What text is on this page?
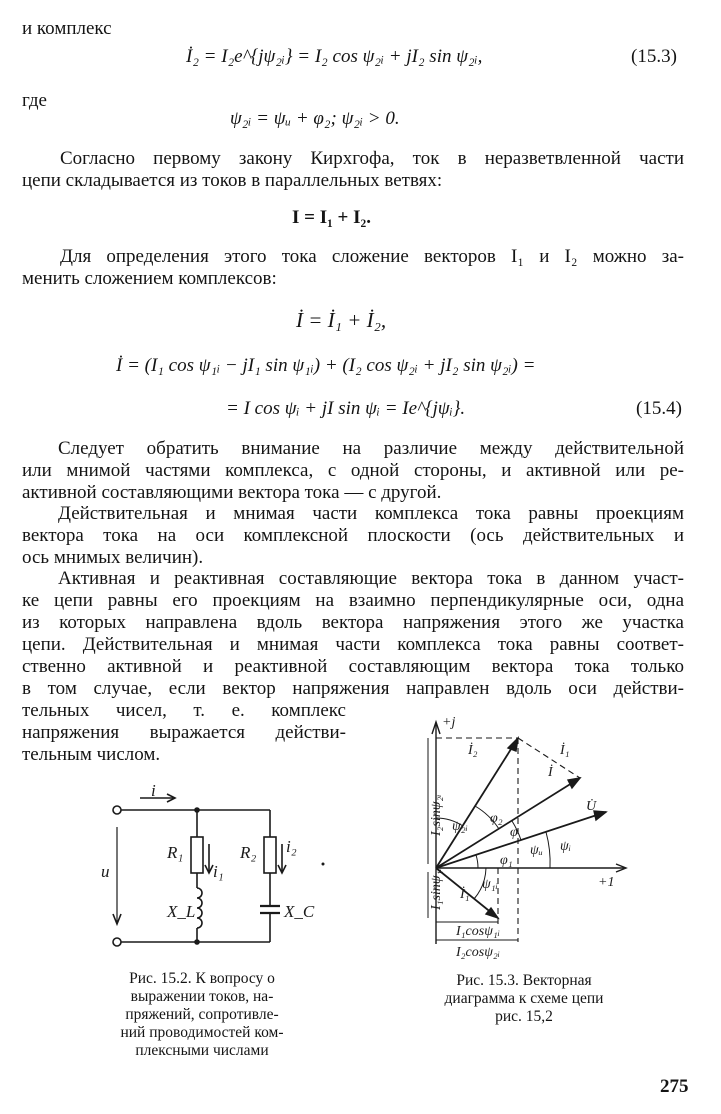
и комплекс
İ₂ = I₂e^{jψ₂ᵢ} = I₂ cos ψ₂ᵢ + jI₂ sin ψ₂ᵢ,	(15.3)
где
ψ₂ᵢ = ψᵤ + φ₂; ψ₂ᵢ > 0.
Согласно первому закону Кирхгофа, ток в неразветвленной части
цепи складывается из токов в параллельных ветвях:
I = I₁ + I₂.
Для определения этого тока сложение векторов I₁ и I₂ можно за-
менить сложением комплексов:
İ = İ₁ + İ₂,
İ = (I₁ cos ψ₁ᵢ − jI₁ sin ψ₁ᵢ) + (I₂ cos ψ₂ᵢ + jI₂ sin ψ₂ᵢ) =
= I cos ψᵢ + jI sin ψᵢ = Ie^{jψᵢ}.	(15.4)
Следует обратить внимание на различие между действительной
или мнимой частями комплекса, с одной стороны, и активной или ре-
активной составляющими вектора тока — с другой.
Действительная и мнимая части комплекса тока равны проекциям
вектора тока на оси комплексной плоскости (ось действительных и
ось мнимых величин).
Активная и реактивная составляющие вектора тока в данном участ-
ке цепи равны его проекциям на взаимно перпендикулярные оси, одна
из которых направлена вдоль вектора напряжения этого же участка
цепи. Действительная и мнимая части комплекса тока равны соответ-
ственно активной и реактивной составляющим вектора тока только
в том случае, если вектор напряжения направлен вдоль оси действи-
тельных чисел, т. е. комплекс
напряжения выражается действи-
тельным числом.
i
u
R₁
i₁
X_L
R₂ i₂
X_C
Рис. 15.2. К вопросу о
выражении токов, на-
пряжений, сопротивле-
ний проводимостей ком-
плексными числами
+j
+1
İ₂	İ₁
İ
U̇
İ₁
ψ₂ᵢ
φ₂
φ
ψᵤ ψᵢ
φ₁
ψ₁ᵢ
I₂sinψ₂ᵢ
I₁sinψ₁ᵢ
I₁cosψ₁ᵢ
I₂cosψ₂ᵢ
Рис. 15.3. Векторная
диаграмма к схеме цепи
рис. 15,2
275
